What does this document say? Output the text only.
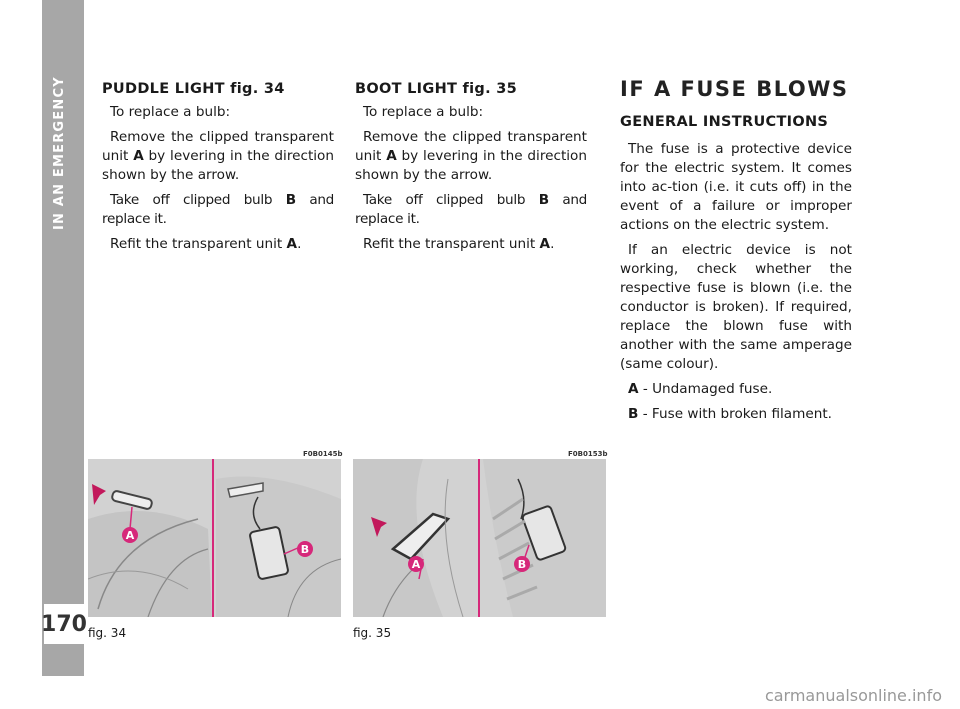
IN AN EMERGENCY
170
PUDDLE LIGHT fig. 34

To replace a bulb:

Remove the clipped transparent unit A by levering in the direction shown by the arrow.

Take off clipped bulb B and replace it.

Refit the transparent unit A.

BOOT LIGHT fig. 35

To replace a bulb:

Remove the clipped transparent unit A by levering in the direction shown by the arrow.

Take off clipped bulb B and replace it.

Refit the transparent unit A.

IF A FUSE BLOWS
GENERAL INSTRUCTIONS

The fuse is a protective device for the electric system. It comes into ac-tion (i.e. it cuts off) in the event of a failure or improper actions on the electric system.

If an electric device is not working, check whether the respective fuse is blown (i.e. the conductor is broken). If required, replace the blown fuse with another with the same amperage (same colour).

A - Undamaged fuse.

B - Fuse with broken filament.

F0B0145b
A
B
fig. 34
F0B0153b
A	B
fig. 35
carmanualsonline.info
